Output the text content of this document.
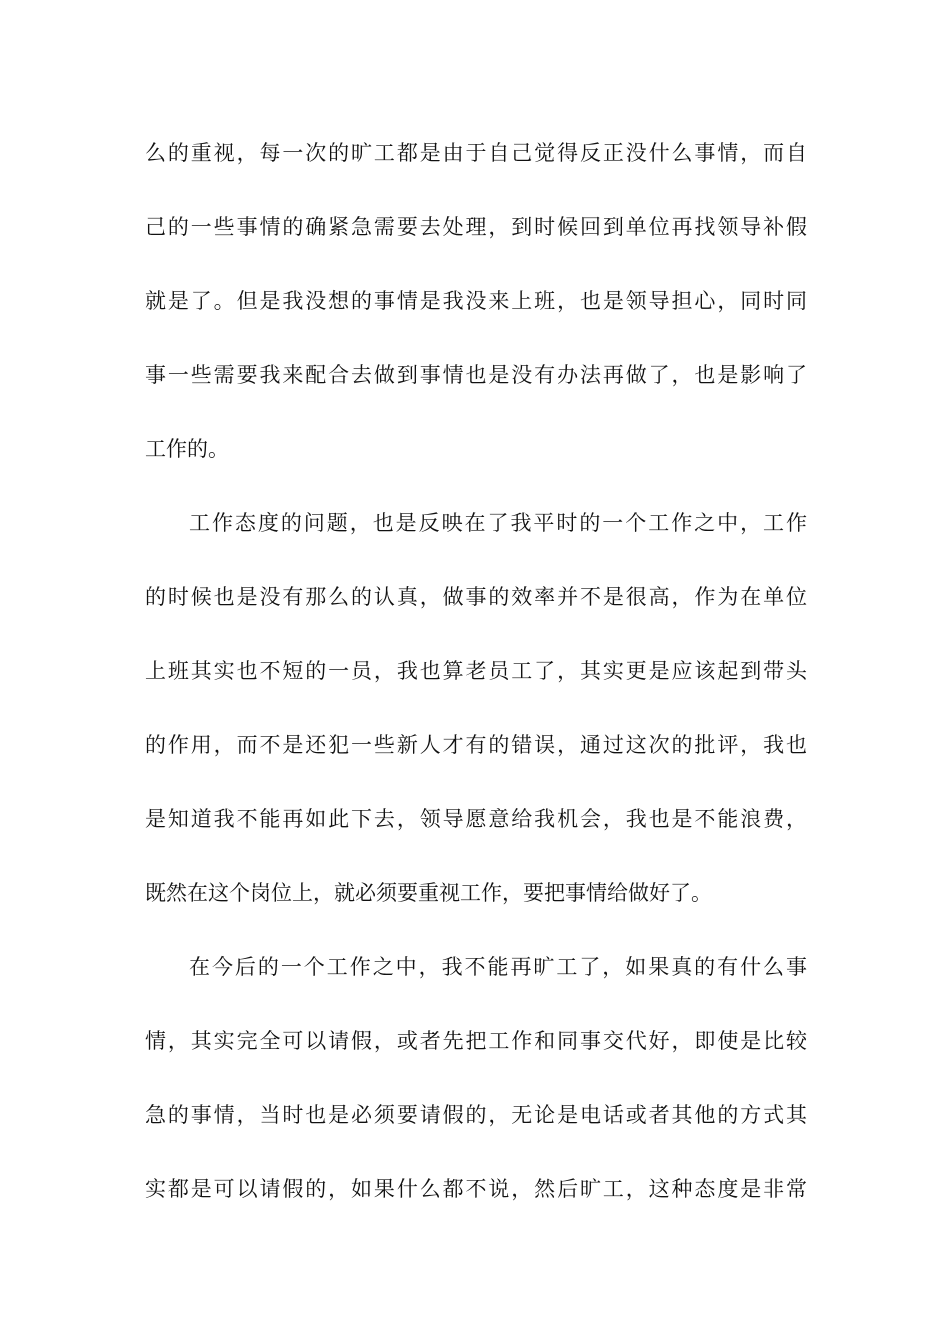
么的重视，每一次的旷工都是由于自己觉得反正没什么事情，而自
己的一些事情的确紧急需要去处理，到时候回到单位再找领导补假
就是了。但是我没想的事情是我没来上班，也是领导担心，同时同
事一些需要我来配合去做到事情也是没有办法再做了，也是影响了
工作的。
工作态度的问题，也是反映在了我平时的一个工作之中，工作
的时候也是没有那么的认真，做事的效率并不是很高，作为在单位
上班其实也不短的一员，我也算老员工了，其实更是应该起到带头
的作用，而不是还犯一些新人才有的错误，通过这次的批评，我也
是知道我不能再如此下去，领导愿意给我机会，我也是不能浪费，
既然在这个岗位上，就必须要重视工作，要把事情给做好了。
在今后的一个工作之中，我不能再旷工了，如果真的有什么事
情，其实完全可以请假，或者先把工作和同事交代好，即使是比较
急的事情，当时也是必须要请假的，无论是电话或者其他的方式其
实都是可以请假的，如果什么都不说，然后旷工，这种态度是非常
